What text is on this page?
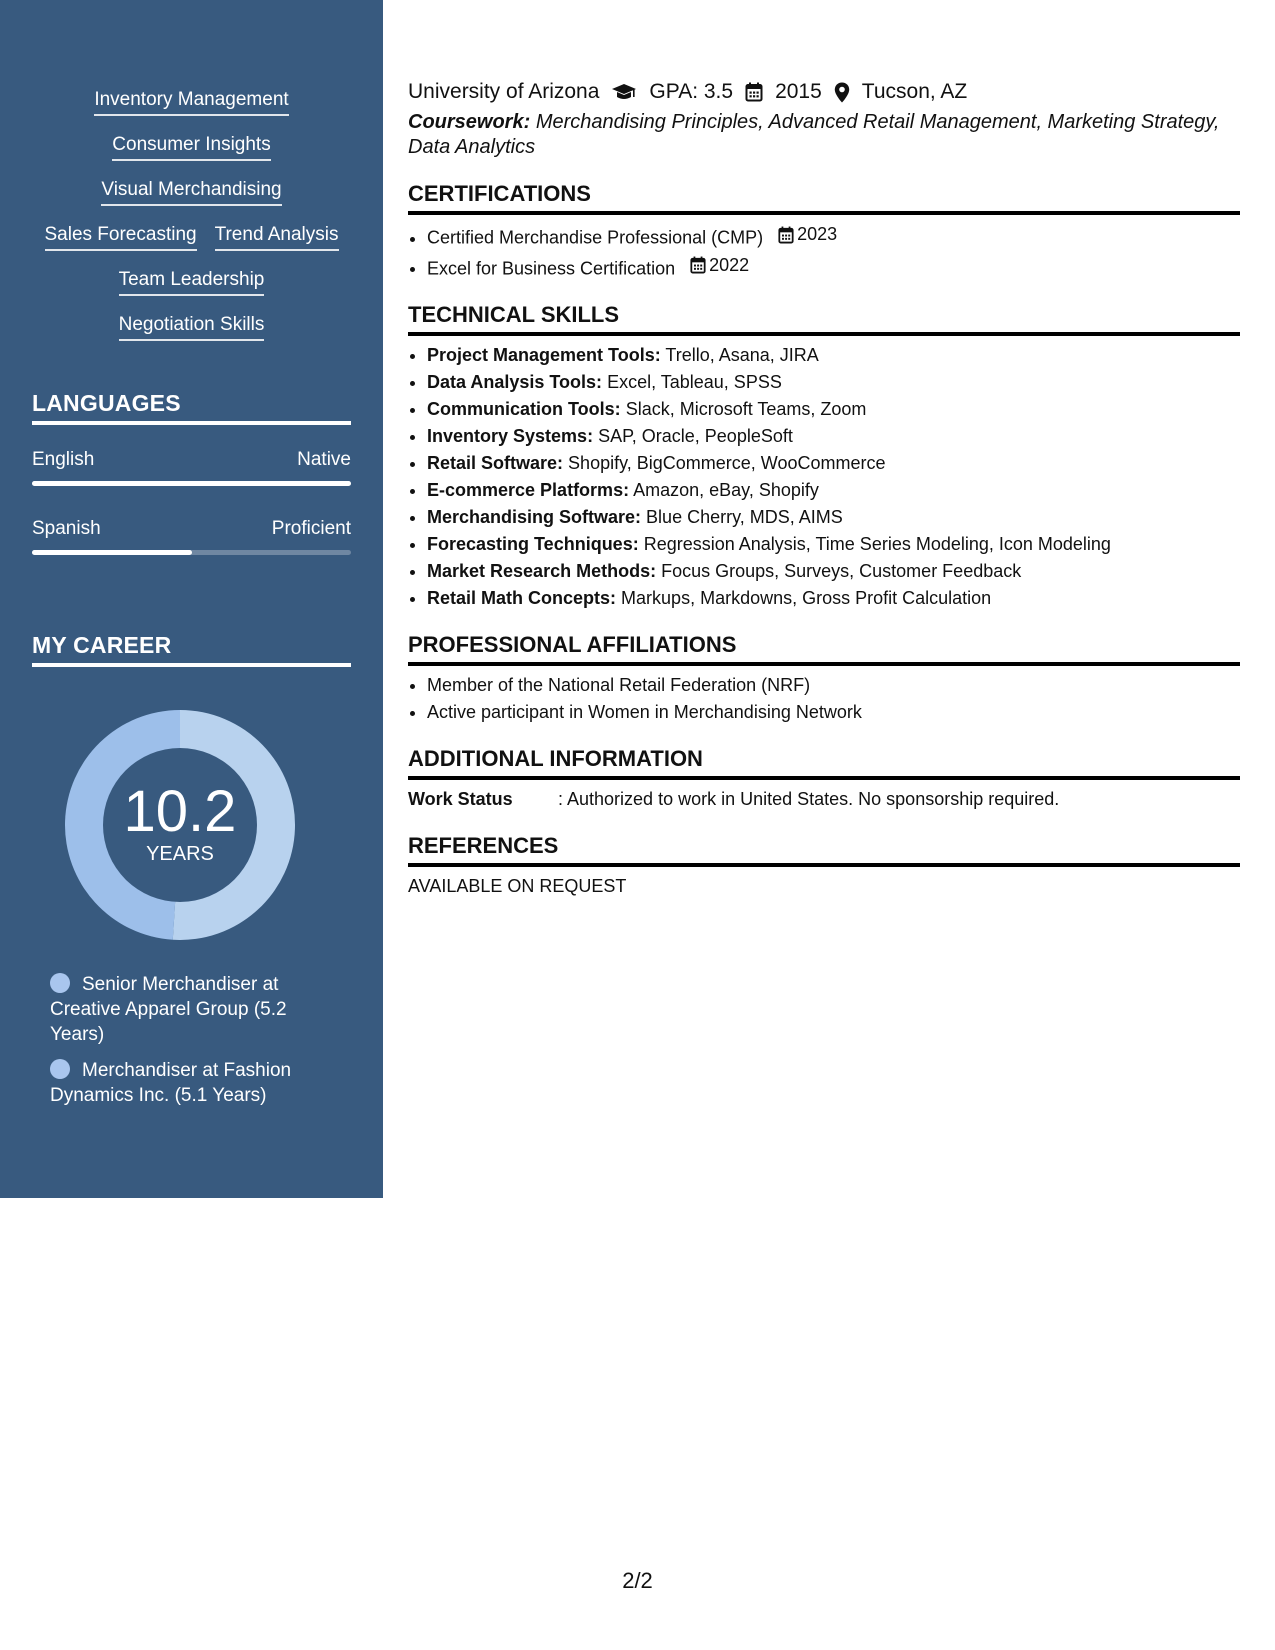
Inventory Management
Consumer Insights
Visual Merchandising
Sales Forecasting Trend Analysis
Team Leadership
Negotiation Skills
LANGUAGES
English	Native
Spanish	Proficient
MY CAREER
10.2
YEARS
Senior Merchandiser at Creative Apparel Group (5.2 Years)
Merchandiser at Fashion Dynamics Inc. (5.1 Years)
University of Arizona GPA: 3.5 2015 Tucson, AZ
Coursework: Merchandising Principles, Advanced Retail Management, Marketing Strategy, Data Analytics
CERTIFICATIONS
• Certified Merchandise Professional (CMP) 2023
• Excel for Business Certification 2022
TECHNICAL SKILLS
• Project Management Tools: Trello, Asana, JIRA
• Data Analysis Tools: Excel, Tableau, SPSS
• Communication Tools: Slack, Microsoft Teams, Zoom
• Inventory Systems: SAP, Oracle, PeopleSoft
• Retail Software: Shopify, BigCommerce, WooCommerce
• E-commerce Platforms: Amazon, eBay, Shopify
• Merchandising Software: Blue Cherry, MDS, AIMS
• Forecasting Techniques: Regression Analysis, Time Series Modeling, Icon Modeling
• Market Research Methods: Focus Groups, Surveys, Customer Feedback
• Retail Math Concepts: Markups, Markdowns, Gross Profit Calculation
PROFESSIONAL AFFILIATIONS
• Member of the National Retail Federation (NRF)
• Active participant in Women in Merchandising Network
ADDITIONAL INFORMATION
Work Status	: Authorized to work in United States. No sponsorship required.
REFERENCES
AVAILABLE ON REQUEST
2/2
